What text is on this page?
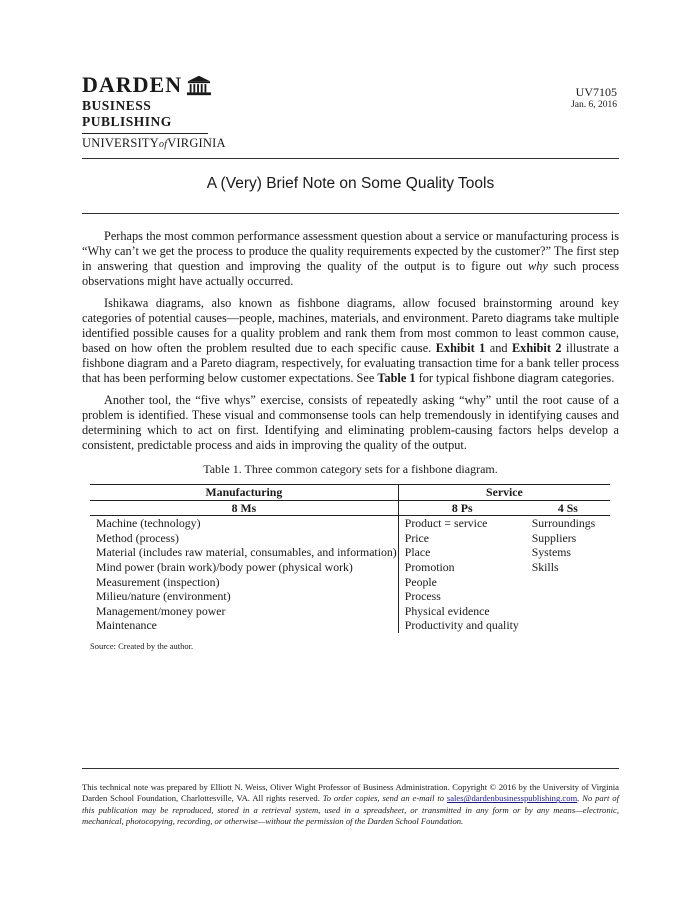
DARDEN
BUSINESS PUBLISHING
UNIVERSITYofVIRGINIA
UV7105
Jan. 6, 2016
A (Very) Brief Note on Some Quality Tools

Perhaps the most common performance assessment question about a service or manufacturing process is “Why can’t we get the process to produce the quality requirements expected by the customer?” The first step in answering that question and improving the quality of the output is to figure out why such process observations might have actually occurred.

Ishikawa diagrams, also known as fishbone diagrams, allow focused brainstorming around key categories of potential causes—people, machines, materials, and environment. Pareto diagrams take multiple identified possible causes for a quality problem and rank them from most common to least common cause, based on how often the problem resulted due to each specific cause. Exhibit 1 and Exhibit 2 illustrate a fishbone diagram and a Pareto diagram, respectively, for evaluating transaction time for a bank teller process that has been performing below customer expectations. See Table 1 for typical fishbone diagram categories.

Another tool, the “five whys” exercise, consists of repeatedly asking “why” until the root cause of a problem is identified. These visual and commonsense tools can help tremendously in identifying causes and determining which to act on first. Identifying and eliminating problem-causing factors helps develop a consistent, predictable process and aids in improving the quality of the output.

Table 1. Three common category sets for a fishbone diagram.
Manufacturing	Service	
8 Ms	8 Ps	4 Ss
Machine (technology)	Product = service	Surroundings
Method (process)	Price	Suppliers
Material (includes raw material, consumables, and information)	Place	Systems
Mind power (brain work)/body power (physical work)	Promotion	Skills
Measurement (inspection)	People	
Milieu/nature (environment)	Process	
Management/money power	Physical evidence	
Maintenance	Productivity and quality	
Source: Created by the author.

This technical note was prepared by Elliott N. Weiss, Oliver Wight Professor of Business Administration. Copyright © 2016 by the University of Virginia Darden School Foundation, Charlottesville, VA. All rights reserved. To order copies, send an e-mail to sales@dardenbusinesspublishing.com. No part of this publication may be reproduced, stored in a retrieval system, used in a spreadsheet, or transmitted in any form or by any means—electronic, mechanical, photocopying, recording, or otherwise—without the permission of the Darden School Foundation.
